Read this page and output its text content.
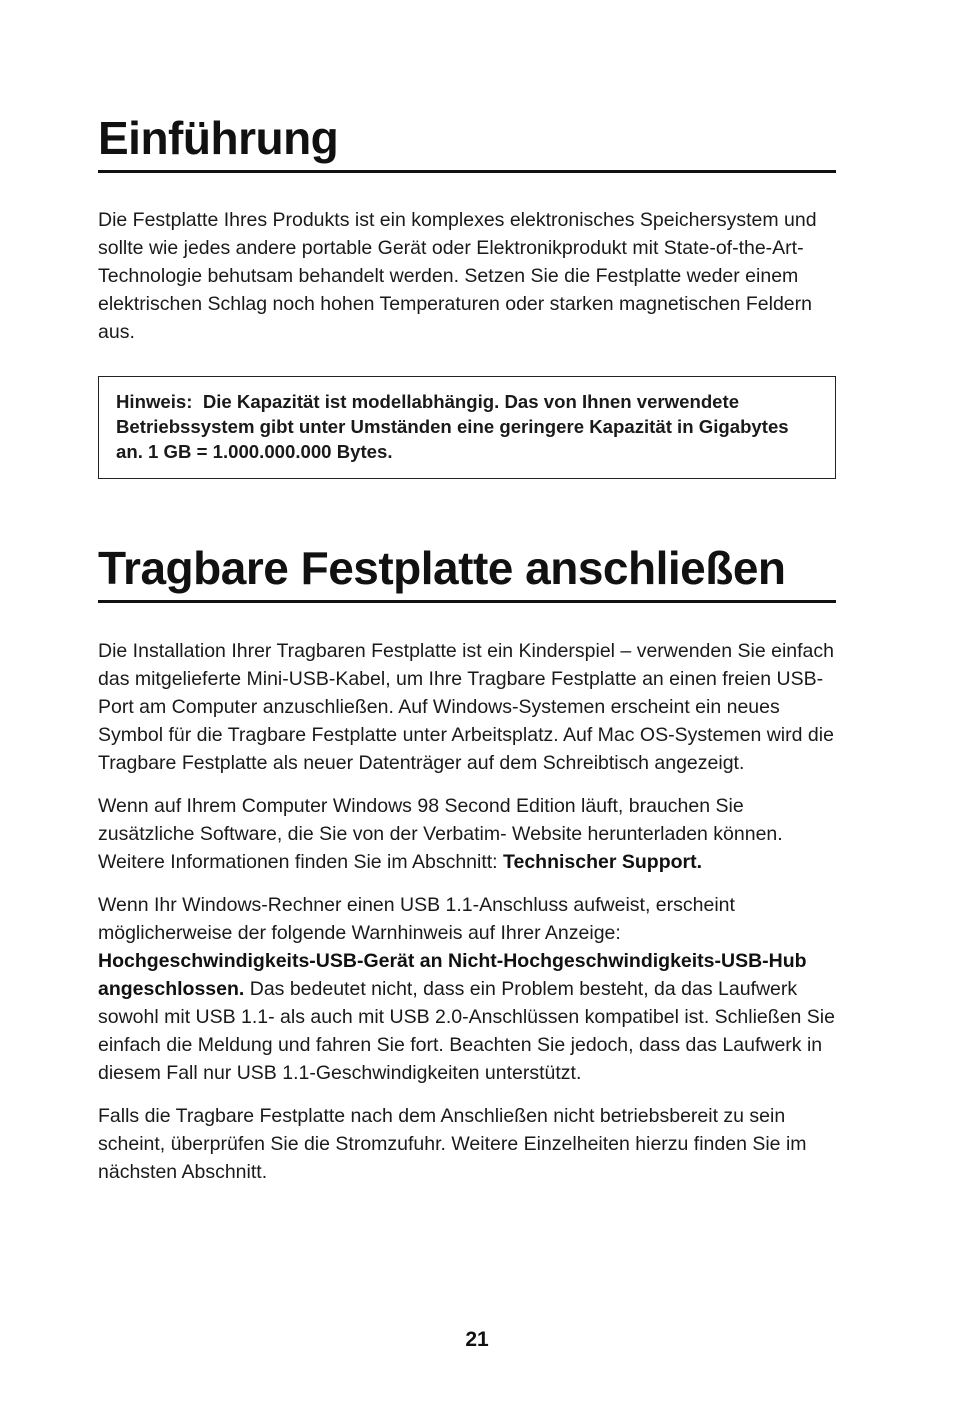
Einführung

Die Festplatte Ihres Produkts ist ein komplexes elektronisches Speichersystem und sollte wie jedes andere portable Gerät oder Elektronikprodukt mit State-of-the-Art-Technologie behutsam behandelt werden. Setzen Sie die Festplatte weder einem elektrischen Schlag noch hohen Temperaturen oder starken magnetischen Feldern aus.

Hinweis: Die Kapazität ist modellabhängig. Das von Ihnen verwendete Betriebssystem gibt unter Umständen eine geringere Kapazität in Gigabytes an. 1 GB = 1.000.000.000 Bytes.
Tragbare Festplatte anschließen

Die Installation Ihrer Tragbaren Festplatte ist ein Kinderspiel – verwenden Sie einfach das mitgelieferte Mini-USB-Kabel, um Ihre Tragbare Festplatte an einen freien USB-Port am Computer anzuschließen. Auf Windows-Systemen erscheint ein neues Symbol für die Tragbare Festplatte unter Arbeitsplatz. Auf Mac OS-Systemen wird die Tragbare Festplatte als neuer Datenträger auf dem Schreibtisch angezeigt.

Wenn auf Ihrem Computer Windows 98 Second Edition läuft, brauchen Sie zusätzliche Software, die Sie von der Verbatim- Website herunterladen können. Weitere Informationen finden Sie im Abschnitt: Technischer Support.

Wenn Ihr Windows-Rechner einen USB 1.1-Anschluss aufweist, erscheint möglicherweise der folgende Warnhinweis auf Ihrer Anzeige: Hochgeschwindigkeits-USB-Gerät an Nicht-Hochgeschwindigkeits-USB-Hub angeschlossen. Das bedeutet nicht, dass ein Problem besteht, da das Laufwerk sowohl mit USB 1.1- als auch mit USB 2.0-Anschlüssen kompatibel ist. Schließen Sie einfach die Meldung und fahren Sie fort. Beachten Sie jedoch, dass das Laufwerk in diesem Fall nur USB 1.1-Geschwindigkeiten unterstützt.

Falls die Tragbare Festplatte nach dem Anschließen nicht betriebsbereit zu sein scheint, überprüfen Sie die Stromzufuhr. Weitere Einzelheiten hierzu finden Sie im nächsten Abschnitt.

21
